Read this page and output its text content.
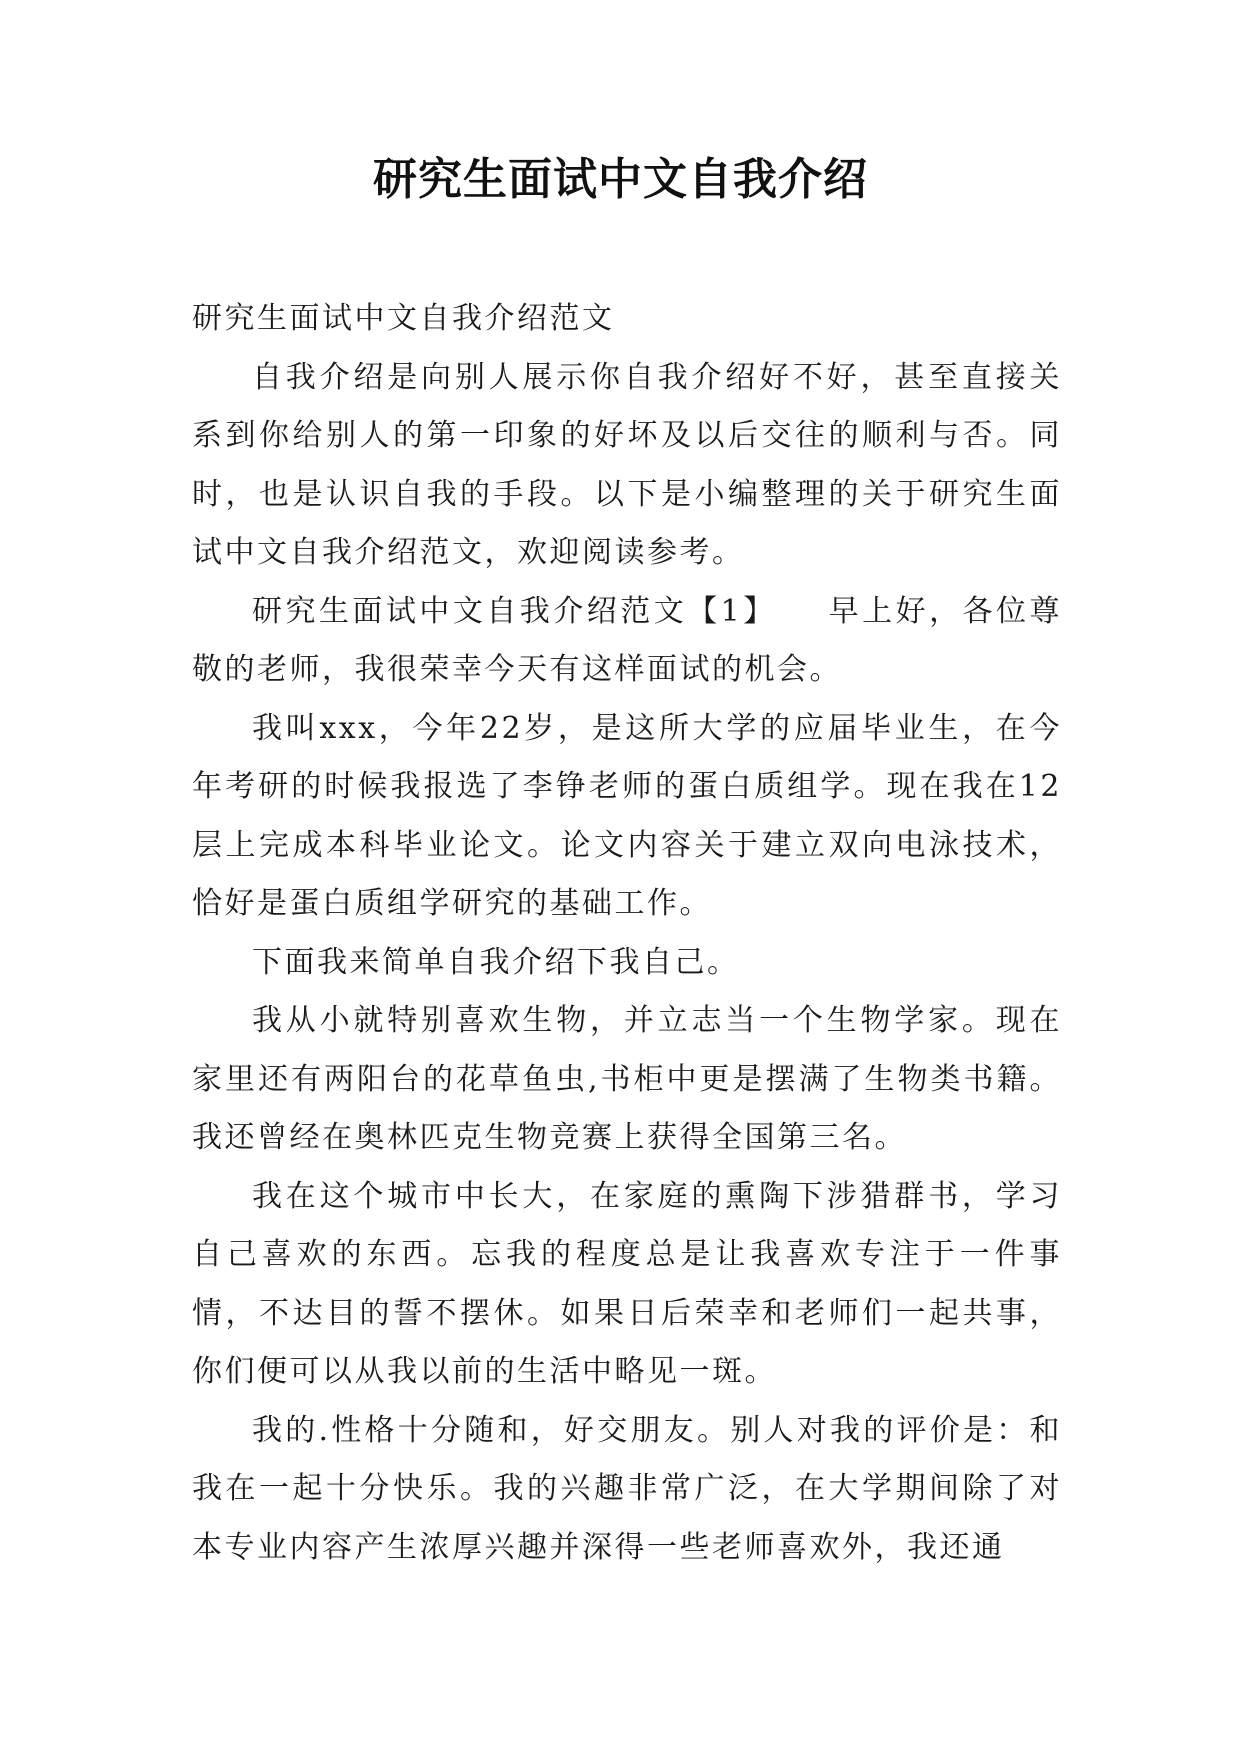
研究生面试中文自我介绍

研究生面试中文自我介绍范文

自我介绍是向别人展示你自我介绍好不好，甚至直接关系到你给别人的第一印象的好坏及以后交往的顺利与否。同时，也是认识自我的手段。以下是小编整理的关于研究生面试中文自我介绍范文，欢迎阅读参考。

研究生面试中文自我介绍范文【1】　　早上好，各位尊敬的老师，我很荣幸今天有这样面试的机会。

我叫xxx，今年22岁，是这所大学的应届毕业生，在今年考研的时候我报选了李铮老师的蛋白质组学。现在我在12层上完成本科毕业论文。论文内容关于建立双向电泳技术，恰好是蛋白质组学研究的基础工作。

下面我来简单自我介绍下我自己。

我从小就特别喜欢生物，并立志当一个生物学家。现在家里还有两阳台的花草鱼虫,书柜中更是摆满了生物类书籍。我还曾经在奥林匹克生物竞赛上获得全国第三名。

我在这个城市中长大，在家庭的熏陶下涉猎群书，学习自己喜欢的东西。忘我的程度总是让我喜欢专注于一件事情，不达目的誓不摆休。如果日后荣幸和老师们一起共事，你们便可以从我以前的生活中略见一斑。

我的.性格十分随和，好交朋友。别人对我的评价是：和我在一起十分快乐。我的兴趣非常广泛，在大学期间除了对本专业内容产生浓厚兴趣并深得一些老师喜欢外，我还通
